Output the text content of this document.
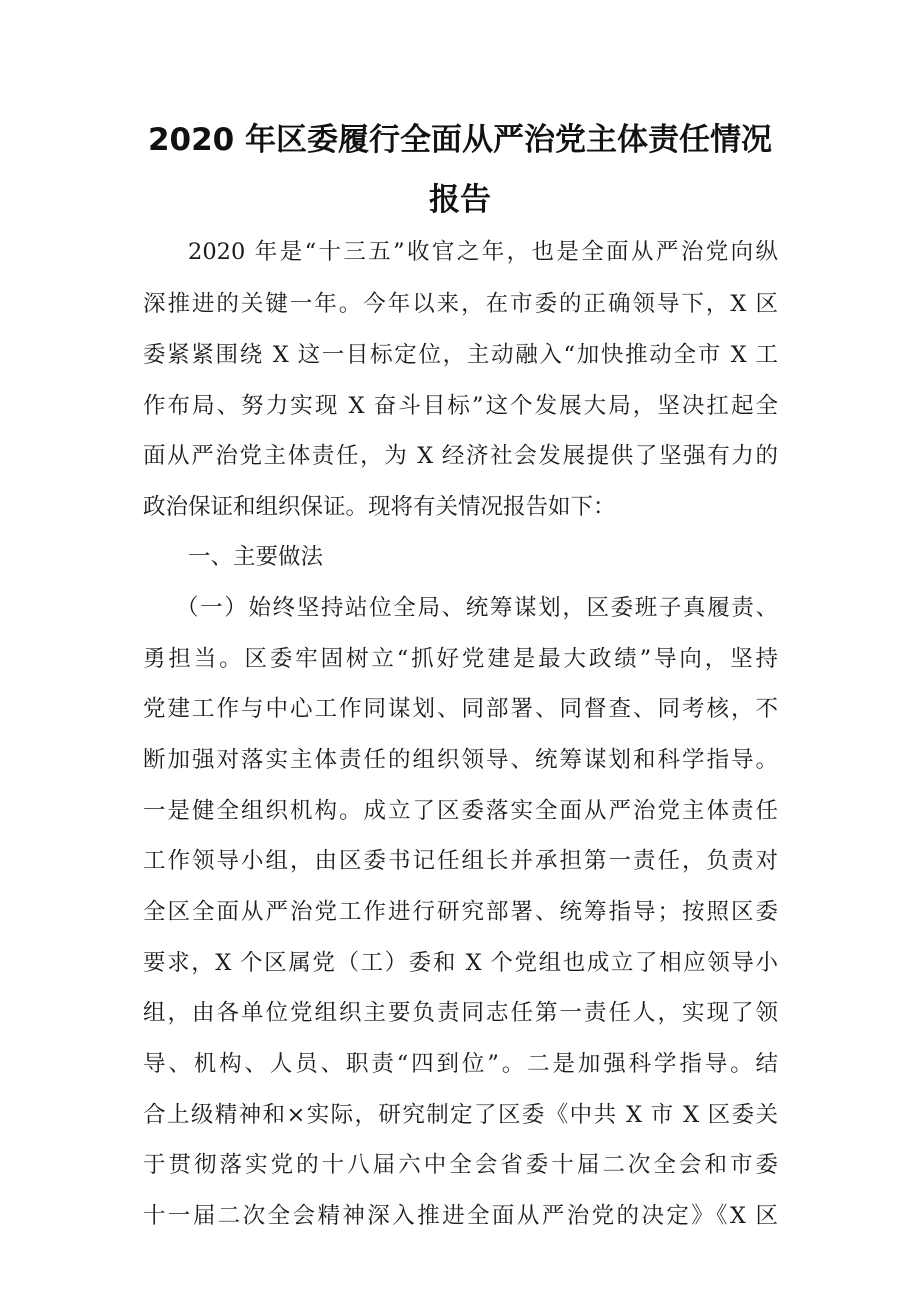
2020 年区委履行全面从严治党主体责任情况
报告

2020 年是“十三五”收官之年，也是全面从严治党向纵

深推进的关键一年。今年以来，在市委的正确领导下，X 区

委紧紧围绕 X 这一目标定位，主动融入“加快推动全市 X 工

作布局、努力实现 X 奋斗目标”这个发展大局，坚决扛起全

面从严治党主体责任，为 X 经济社会发展提供了坚强有力的

政治保证和组织保证。现将有关情况报告如下：

一、主要做法

（一）始终坚持站位全局、统筹谋划，区委班子真履责、

勇担当。区委牢固树立“抓好党建是最大政绩”导向，坚持

党建工作与中心工作同谋划、同部署、同督查、同考核，不

断加强对落实主体责任的组织领导、统筹谋划和科学指导。

一是健全组织机构。成立了区委落实全面从严治党主体责任

工作领导小组，由区委书记任组长并承担第一责任，负责对

全区全面从严治党工作进行研究部署、统筹指导；按照区委

要求，X 个区属党（工）委和 X 个党组也成立了相应领导小

组，由各单位党组织主要负责同志任第一责任人，实现了领

导、机构、人员、职责“四到位”。二是加强科学指导。结

合上级精神和×实际，研究制定了区委《中共 X 市 X 区委关

于贯彻落实党的十八届六中全会省委十届二次全会和市委

十一届二次全会精神深入推进全面从严治党的决定》《X 区
